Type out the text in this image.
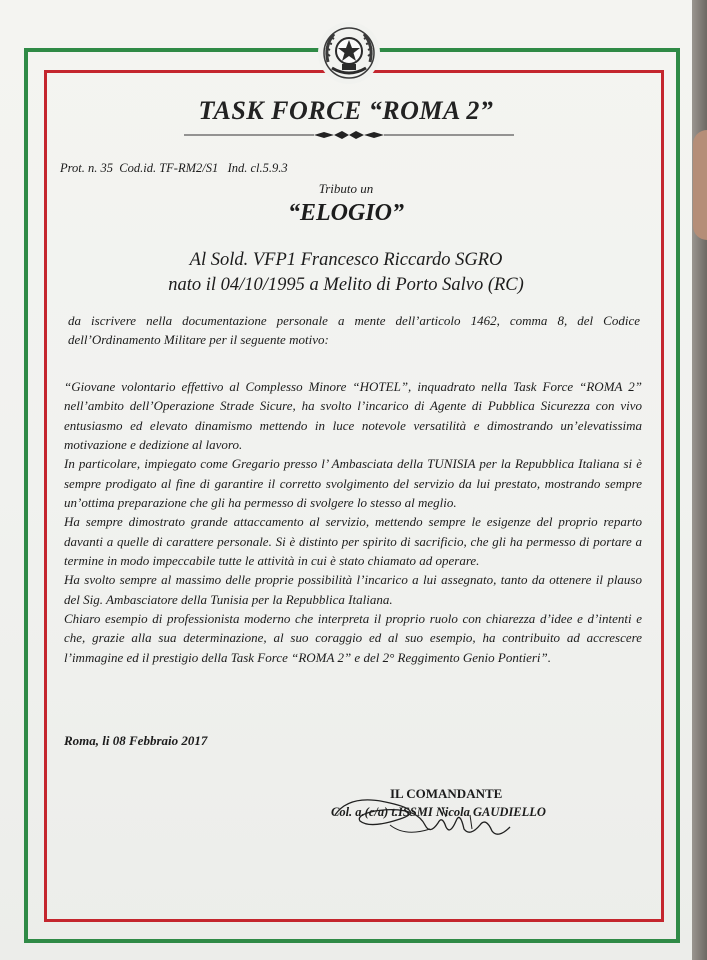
TASK FORCE “ROMA 2”
Prot. n. 35  Cod.id. TF-RM2/S1   Ind. cl.5.9.3
Tributo un
“ELOGIO”
Al Sold. VFP1 Francesco Riccardo SGRO
nato il 04/10/1995 a Melito di Porto Salvo (RC)
da iscrivere nella documentazione personale a mente dell’articolo 1462, comma 8, del Codice dell’Ordinamento Militare per il seguente motivo:

“Giovane volontario effettivo al Complesso Minore “HOTEL”, inquadrato nella Task Force “ROMA 2” nell’ambito dell’Operazione Strade Sicure, ha svolto l’incarico di Agente di Pubblica Sicurezza con vivo entusiasmo ed elevato dinamismo mettendo in luce notevole versatilità e dimostrando un’elevatissima motivazione e dedizione al lavoro.

In particolare, impiegato come Gregario presso l’ Ambasciata della TUNISIA per la Repubblica Italiana si è sempre prodigato al fine di garantire il corretto svolgimento del servizio da lui prestato, mostrando sempre un’ottima preparazione che gli ha permesso di svolgere lo stesso al meglio.

Ha sempre dimostrato grande attaccamento al servizio, mettendo sempre le esigenze del proprio reparto davanti a quelle di carattere personale. Si è distinto per spirito di sacrificio, che gli ha permesso di portare a termine in modo impeccabile tutte le attività in cui è stato chiamato ad operare.

Ha svolto sempre al massimo delle proprie possibilità l’incarico a lui assegnato, tanto da ottenere il plauso del Sig. Ambasciatore della Tunisia per la Repubblica Italiana.

Chiaro esempio di professionista moderno che interpreta il proprio ruolo con chiarezza d’idee e d’intenti e che, grazie alla sua determinazione, al suo coraggio ed al suo esempio, ha contribuito ad accrescere l’immagine ed il prestigio della Task Force “ROMA 2” e del 2° Reggimento Genio Pontieri”.

Roma, li 08 Febbraio 2017
IL COMANDANTE
Col. a.(c/a) t.ISSMI Nicola GAUDIELLO
